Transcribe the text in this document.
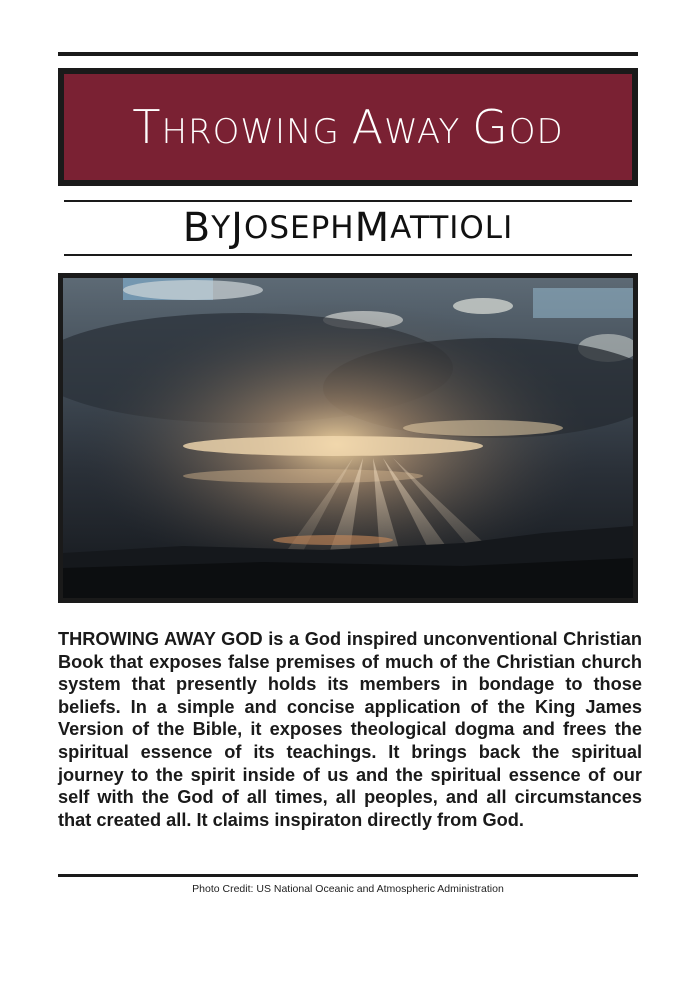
THROWING AWAY GOD
B Y J OSEPH M ATTIOLI
THROWING AWAY GOD is a God inspired unconventional Christian Book that exposes false premises of much of the Christian church system that presently holds its members in bondage to those beliefs. In a simple and concise application of the King James Version of the Bible, it exposes theological dogma and frees the spiritual essence of its teachings. It brings back the spiritual journey to the spirit inside of us and the spiritual essence of our self with the God of all times, all peoples, and all circumstances that created all. It claims inspiraton directly from God.
Photo Credit: US National Oceanic and Atmospheric Administration
